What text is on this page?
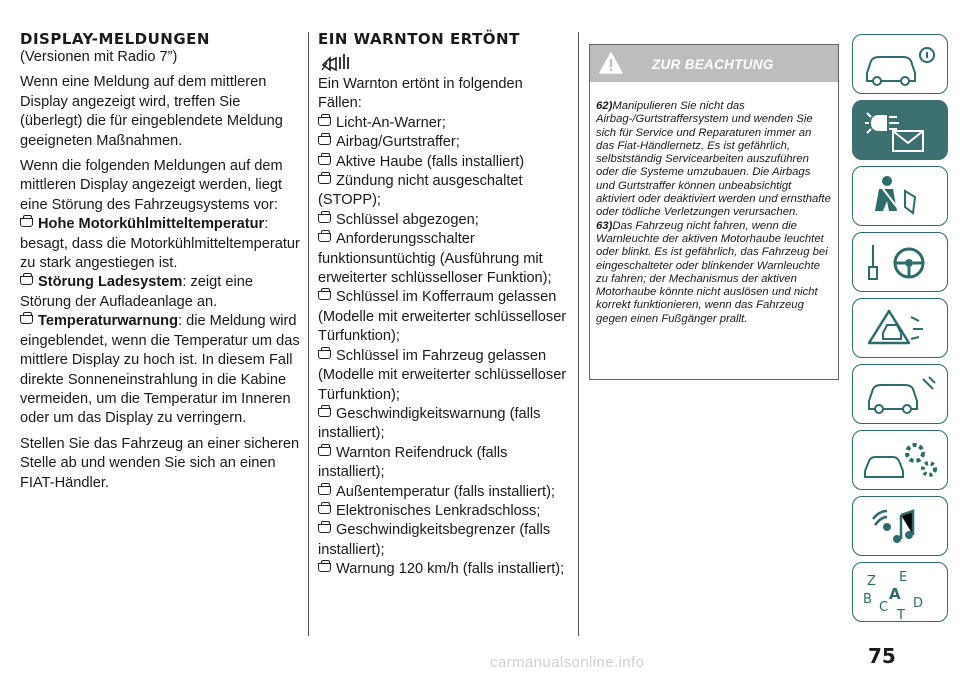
DISPLAY-MELDUNGEN
(Versionen mit Radio 7”)
Wenn eine Meldung auf dem mittleren Display angezeigt wird, treffen Sie (überlegt) die für eingeblendete Meldung geeigneten Maßnahmen.
Wenn die folgenden Meldungen auf dem mittleren Display angezeigt werden, liegt eine Störung des Fahrzeugsystems vor:
Hohe Motorkühlmitteltemperatur: besagt, dass die Motorkühlmitteltemperatur zu stark angestiegen ist.
Störung Ladesystem: zeigt eine Störung der Aufladeanlage an.
Temperaturwarnung: die Meldung wird eingeblendet, wenn die Temperatur um das mittlere Display zu hoch ist. In diesem Fall direkte Sonneneinstrahlung in die Kabine vermeiden, um die Temperatur im Inneren oder um das Display zu verringern.
Stellen Sie das Fahrzeug an einer sicheren Stelle ab und wenden Sie sich an einen FIAT-Händler.
EIN WARNTON ERTÖNT
Ein Warnton ertönt in folgenden Fällen:
Licht-An-Warner;
Airbag/Gurtstraffer;
Aktive Haube (falls installiert)
Zündung nicht ausgeschaltet (STOPP);
Schlüssel abgezogen;
Anforderungsschalter funktionsuntüchtig (Ausführung mit erweiterter schlüsselloser Funktion);
Schlüssel im Kofferraum gelassen (Modelle mit erweiterter schlüsselloser Türfunktion);
Schlüssel im Fahrzeug gelassen (Modelle mit erweiterter schlüsselloser Türfunktion);
Geschwindigkeitswarnung (falls installiert);
Warnton Reifendruck (falls installiert);
Außentemperatur (falls installiert);
Elektronisches Lenkradschloss;
Geschwindigkeitsbegrenzer (falls installiert);
Warnung 120 km/h (falls installiert);
ZUR BEACHTUNG
62)Manipulieren Sie nicht das Airbag-/Gurtstraffersystem und wenden Sie sich für Service und Reparaturen immer an das Fiat-Händlernetz. Es ist gefährlich, selbstständig Servicearbeiten auszuführen oder die Systeme umzubauen. Die Airbags und Gurtstraffer können unbeabsichtigt aktiviert oder deaktiviert werden und ernsthafte oder tödliche Verletzungen verursachen.
63)Das Fahrzeug nicht fahren, wenn die Warnleuchte der aktiven Motorhaube leuchtet oder blinkt. Es ist gefährlich, das Fahrzeug bei eingeschalteter oder blinkender Warnleuchte zu fahren; der Mechanismus der aktiven Motorhaube könnte nicht auslösen und nicht korrekt funktionieren, wenn das Fahrzeug gegen einen Fußgänger prallt.
Z E
B
C
A
D
T
75
carmanualsonline.info
